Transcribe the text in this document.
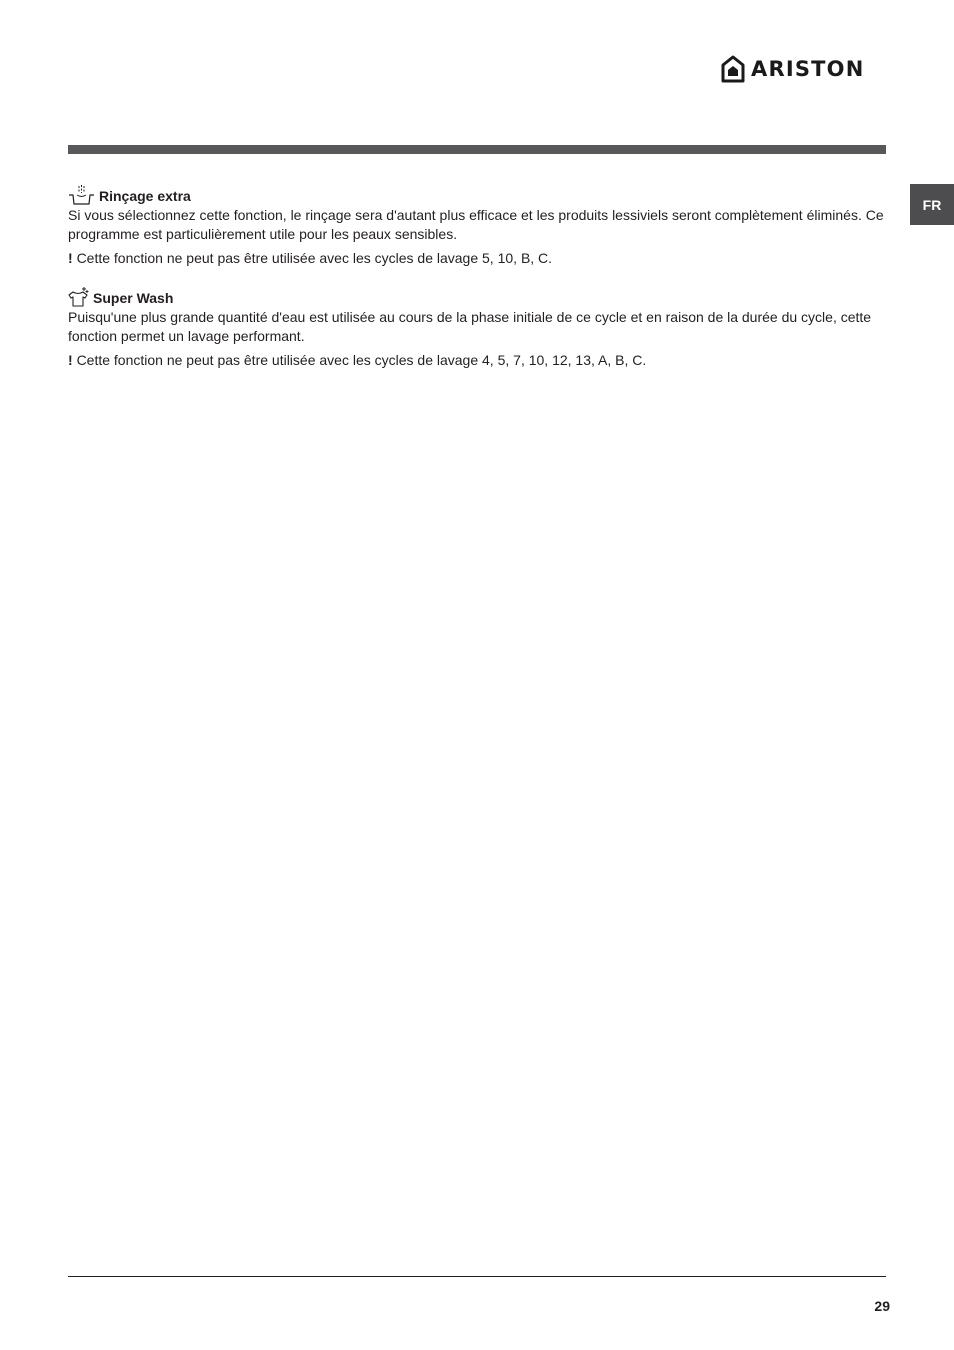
ARISTON
FR
Rinçage extra

Si vous sélectionnez cette fonction, le rinçage sera d'autant plus efficace et les produits lessiviels seront complètement éliminés. Ce programme est particulièrement utile pour les peaux sensibles.

! Cette fonction ne peut pas être utilisée avec les cycles de lavage 5, 10, B, C.

Super Wash

Puisqu'une plus grande quantité d'eau est utilisée au cours de la phase initiale de ce cycle et en raison de la durée du cycle, cette fonction permet un lavage performant.

! Cette fonction ne peut pas être utilisée avec les cycles de lavage 4, 5, 7, 10, 12, 13, A, B, C.

29
